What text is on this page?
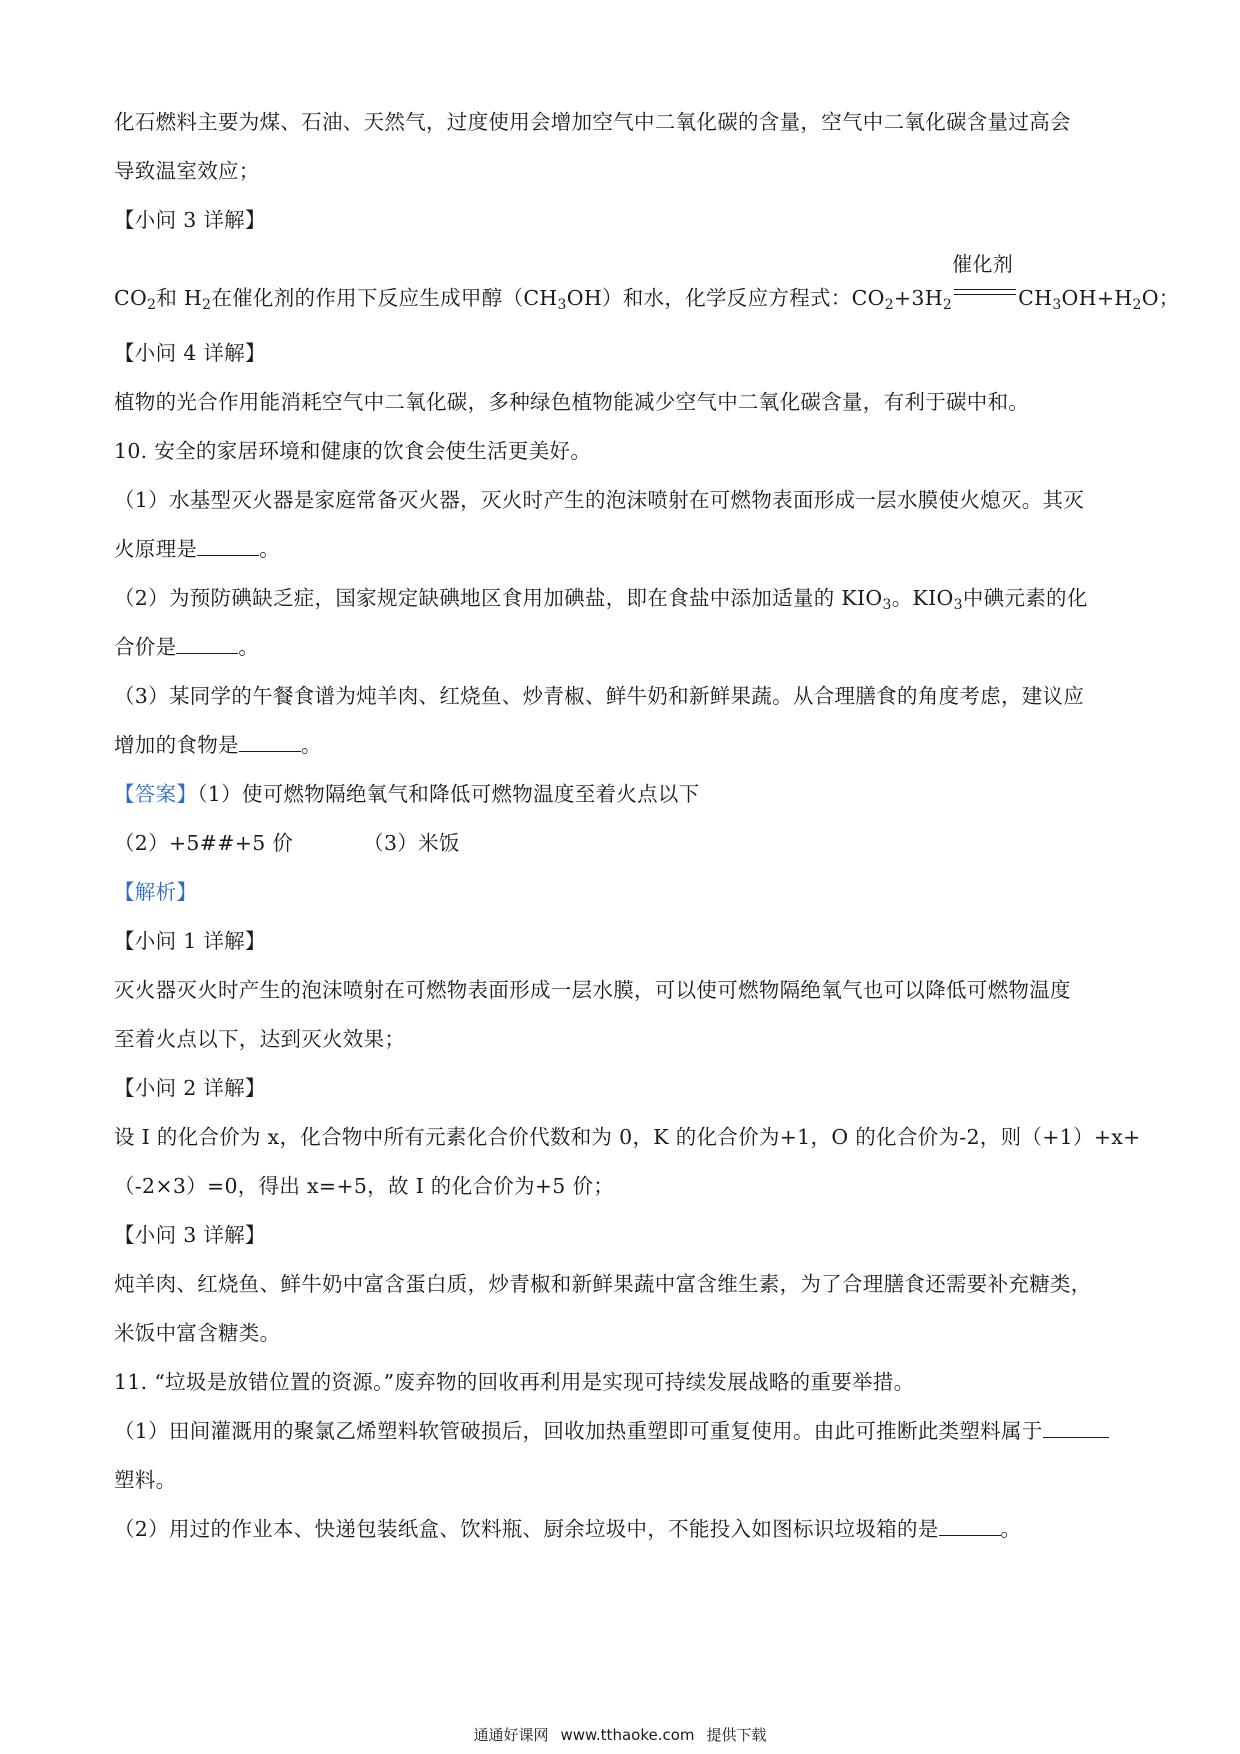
化石燃料主要为煤、石油、天然气，过度使用会增加空气中二氧化碳的含量，空气中二氧化碳含量过高会
导致温室效应；
【小问 3 详解】
$CO_2$和 $H_2$在催化剂的作用下反应生成甲醇$(CH_3OH)$和水，化学反应方程式：$CO_2+3H_2$
催化剂
$CH_3OH+H_2O$；
【小问 4 详解】
植物的光合作用能消耗空气中二氧化碳，多种绿色植物能减少空气中二氧化碳含量，有利于碳中和。
10. 安全的家居环境和健康的饮食会使生活更美好。
（1）水基型灭火器是家庭常备灭火器，灭火时产生的泡沫喷射在可燃物表面形成一层水膜使火熄灭。其灭
火原理是	。
（2）为预防碘缺乏症，国家规定缺碘地区食用加碘盐，即在食盐中添加适量的 $KIO_3$。$KIO_3$中碘元素的化
合价是	。
（3）某同学的午餐食谱为炖羊肉、红烧鱼、炒青椒、鲜牛奶和新鲜果蔬。从合理膳食的角度考虑，建议应
增加的食物是	。
【答案】（1）使可燃物隔绝氧气和降低可燃物温度至着火点以下
（2）+5##+5 价	（3）米饭
【解析】
【小问 1 详解】
灭火器灭火时产生的泡沫喷射在可燃物表面形成一层水膜，可以使可燃物隔绝氧气也可以降低可燃物温度
至着火点以下，达到灭火效果；
【小问 2 详解】
设 I 的化合价为 x，化合物中所有元素化合价代数和为 0，K 的化合价为+1，O 的化合价为-2，则（+1）+x+
（-2×3）=0，得出 x=+5，故 I 的化合价为+5 价；
【小问 3 详解】
炖羊肉、红烧鱼、鲜牛奶中富含蛋白质，炒青椒和新鲜果蔬中富含维生素，为了合理膳食还需要补充糖类，
米饭中富含糖类。
11. “垃圾是放错位置的资源。”废弃物的回收再利用是实现可持续发展战略的重要举措。
（1）田间灌溉用的聚氯乙烯塑料软管破损后，回收加热重塑即可重复使用。由此可推断此类塑料属于
塑料。
（2）用过的作业本、快递包装纸盒、饮料瓶、厨余垃圾中，不能投入如图标识垃圾箱的是	。
通通好课网 www.tthaoke.com 提供下载
